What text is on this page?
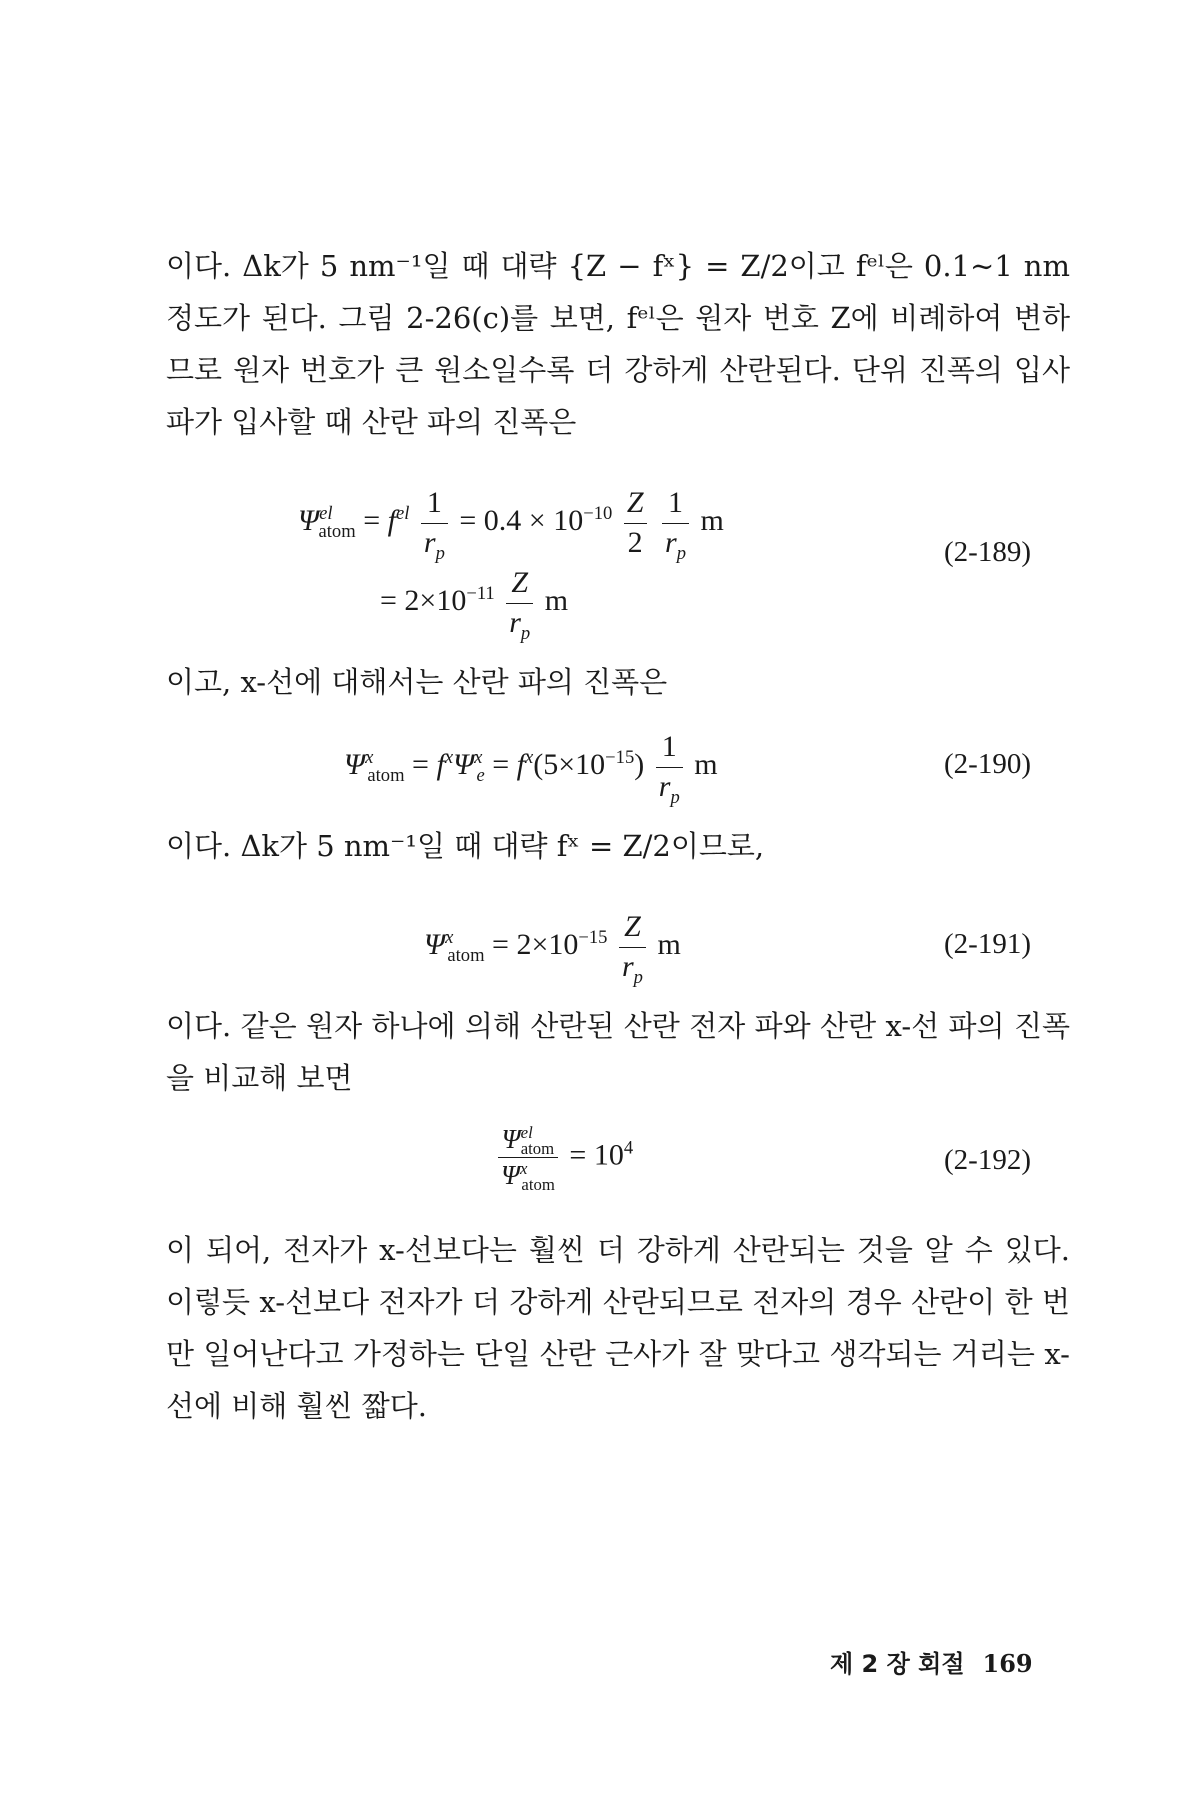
이다. Δk가 5 nm⁻¹일 때 대략 {Z − fˣ} = Z/2이고 fᵉˡ은 0.1∼1 nm정도가 된다. 그림 2-26(c)를 보면, fᵉˡ은 원자 번호 Z에 비례하여 변하므로 원자 번호가 큰 원소일수록 더 강하게 산란된다. 단위 진폭의 입사 파가 입사할 때 산란 파의 진폭은

$\Psi^{el}_{atom} = f^{el} \frac{1}{r_p} = 0.4 \times 10^{-10} \frac{Z}{2}$
$\frac{1}{r_p}$ m
= $2\times 10^{-11} \frac{Z}{r_p}$ m
(2-189)

이고, x-선에 대해서는 산란 파의 진폭은

$\Psi^x_{atom} = f^x\Psi^x_e = f^x(5\times 10^{-15}) \frac{1}{r_p}$ m	(2-190)

이다. Δk가 5 nm⁻¹일 때 대략 fˣ = Z/2이므로,

$\Psi^x_{atom} = 2\times 10^{-15} \frac{Z}{r_p}$ m	(2-191)

이다. 같은 원자 하나에 의해 산란된 산란 전자 파와 산란 x-선 파의 진폭을 비교해 보면

$\frac{\Psi^{el}_{atom}}{\Psi^x_{atom}} = 10^4$	(2-192)

이 되어, 전자가 x-선보다는 훨씬 더 강하게 산란되는 것을 알 수 있다. 이렇듯 x-선보다 전자가 더 강하게 산란되므로 전자의 경우 산란이 한 번만 일어난다고 가정하는 단일 산란 근사가 잘 맞다고 생각되는 거리는 x-선에 비해 훨씬 짧다.

제 2 장 회절 169
